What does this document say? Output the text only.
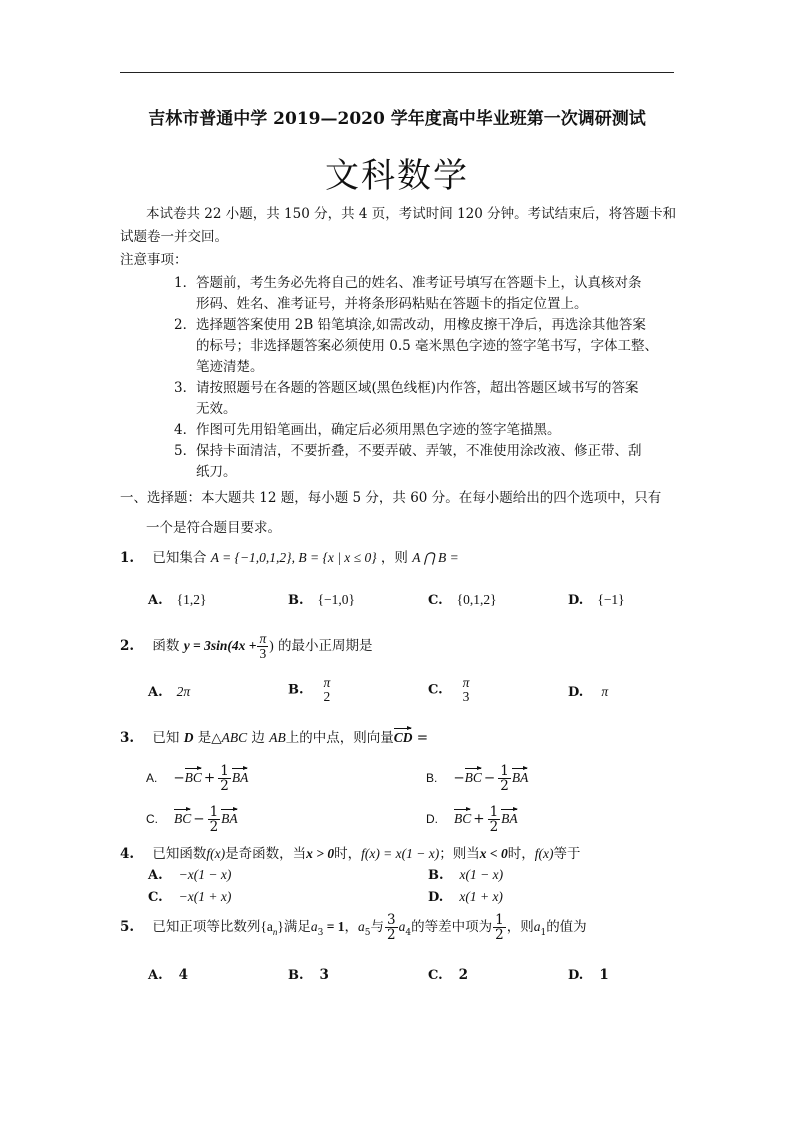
吉林市普通中学 2019—2020 学年度高中毕业班第一次调研测试
文科数学
本试卷共 22 小题，共 150 分，共 4 页，考试时间 120 分钟。考试结束后，将答题卡和
试题卷一并交回。
注意事项：
1． 答题前，考生务必先将自己的姓名、准考证号填写在答题卡上，认真核对条
形码、姓名、准考证号，并将条形码粘贴在答题卡的指定位置上。
2． 选择题答案使用 2B 铅笔填涂,如需改动，用橡皮擦干净后，再选涂其他答案
的标号；非选择题答案必须使用 0.5 毫米黑色字迹的签字笔书写，字体工整、
笔迹清楚。
3． 请按照题号在各题的答题区域(黑色线框)内作答，超出答题区域书写的答案
无效。
4． 作图可先用铅笔画出，确定后必须用黑色字迹的签字笔描黑。
5． 保持卡面清洁，不要折叠，不要弄破、弄皱，不准使用涂改液、修正带、刮
纸刀。
一、选择题：本大题共 12 题，每小题 5 分，共 60 分。在每小题给出的四个选项中，只有
一个是符合题目要求。
1. 已知集合 A = {−1,0,1,2}, B = {x | x ≤ 0} ，则 A ⋂ B =
A. {1,2}	B. {−1,0}	C. {0,1,2}	D. {−1}
2. 函数 $y = 3\sin(4x + \frac{\pi}{3}$ ) 的最小正周期是
A. 2π	B.
π
2	C.
π
3	D. π
3. 已知 D 是△ABC 边 AB上的中点，则向量CD =
A. $-BC + \frac{1}{2}$ BA	B. $-BC - \frac{1}{2}$ BA
C. BC − $\frac{1}{2}$ BA	D. BC + $\frac{1}{2}$ BA
4. 已知函数f(x)是奇函数，当x > 0时，f(x) = x(1 − x)；则当x < 0时，f(x)等于
A. −x(1 − x)	B. x(1 − x)
C. −x(1 + x)	D. x(1 + x)
5. 已知正项等比数列$\{a_n\}$满足$a_3 = 1$，$a_5$与 $\frac{3}{2} a_4$的等差中项为 $\frac{1}{2}$ ，则$a_1$的值为
A. 4	B. 3	C. 2	D. 1
